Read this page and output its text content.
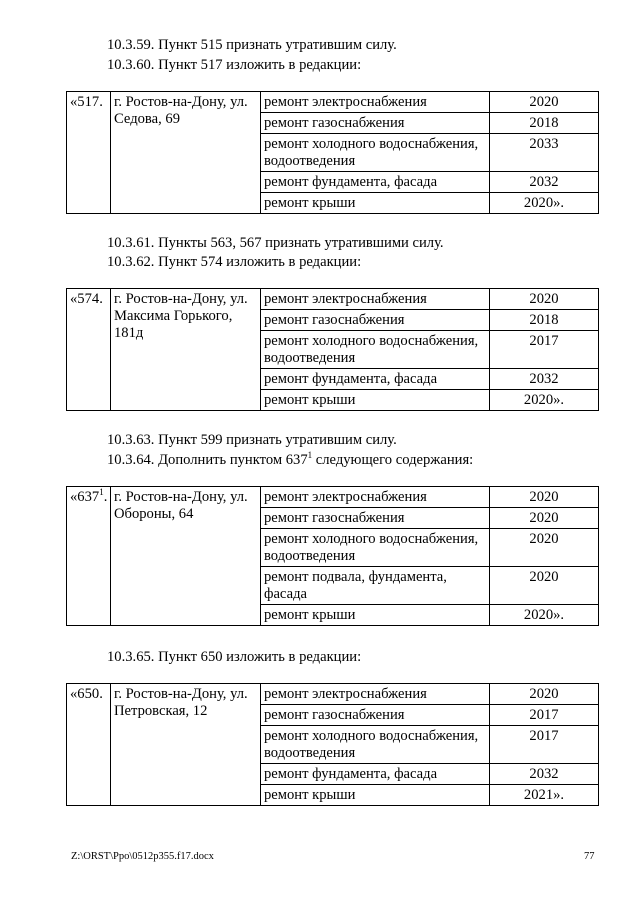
10.3.59. Пункт 515 признать утратившим силу.
10.3.60. Пункт 517 изложить в редакции:
«517.	г. Ростов-на-Дону, ул. Седова, 69	ремонт электроснабжения	2020
		ремонт газоснабжения	2018
		ремонт холодного водоснабжения, водоотведения	2033
		ремонт фундамента, фасада	2032
		ремонт крыши	2020».
10.3.61. Пункты 563, 567 признать утратившими силу.
10.3.62. Пункт 574 изложить в редакции:
«574.	г. Ростов-на-Дону, ул. Максима Горького, 181д	ремонт электроснабжения	2020
		ремонт газоснабжения	2018
		ремонт холодного водоснабжения, водоотведения	2017
		ремонт фундамента, фасада	2032
		ремонт крыши	2020».
10.3.63. Пункт 599 признать утратившим силу.
10.3.64. Дополнить пунктом $637^1$ следующего содержания:
«$637^1$.	г. Ростов-на-Дону, ул. Обороны, 64	ремонт электроснабжения	2020
		ремонт газоснабжения	2020
		ремонт холодного водоснабжения, водоотведения	2020
		ремонт подвала, фундамента, фасада	2020
		ремонт крыши	2020».
10.3.65. Пункт 650 изложить в редакции:
«650.	г. Ростов-на-Дону, ул. Петровская, 12	ремонт электроснабжения	2020
		ремонт газоснабжения	2017
		ремонт холодного водоснабжения, водоотведения	2017
		ремонт фундамента, фасада	2032
		ремонт крыши	2021».
Z:\ORST\Ppo\0512p355.f17.docx	77
